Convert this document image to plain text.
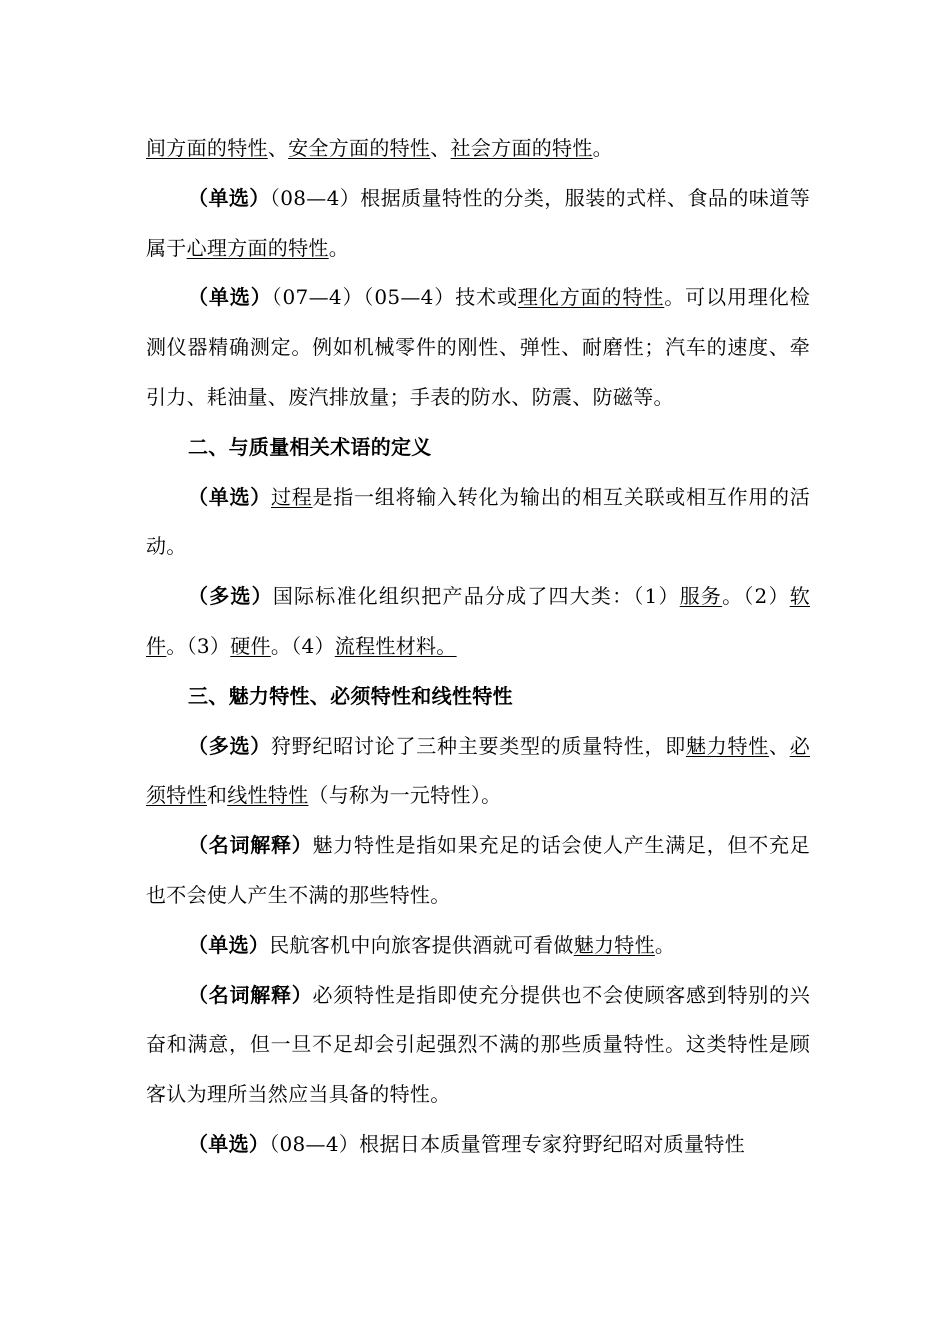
间方面的特性、安全方面的特性、社会方面的特性。

（单选）（08—4）根据质量特性的分类，服装的式样、食品的味道等属于心理方面的特性。

（单选）（07—4）（05—4）技术或理化方面的特性。可以用理化检测仪器精确测定。例如机械零件的刚性、弹性、耐磨性；汽车的速度、牵引力、耗油量、废汽排放量；手表的防水、防震、防磁等。

二、与质量相关术语的定义

（单选）过程是指一组将输入转化为输出的相互关联或相互作用的活动。

（多选）国际标准化组织把产品分成了四大类：（1）服务。（2）软件。（3）硬件。（4）流程性材料。

三、魅力特性、必须特性和线性特性

（多选）狩野纪昭讨论了三种主要类型的质量特性，即魅力特性、必须特性和线性特性（与称为一元特性）。

（名词解释）魅力特性是指如果充足的话会使人产生满足，但不充足也不会使人产生不满的那些特性。

（单选）民航客机中向旅客提供酒就可看做魅力特性。

（名词解释）必须特性是指即使充分提供也不会使顾客感到特别的兴奋和满意，但一旦不足却会引起强烈不满的那些质量特性。这类特性是顾客认为理所当然应当具备的特性。

（单选）（08—4）根据日本质量管理专家狩野纪昭对质量特性
